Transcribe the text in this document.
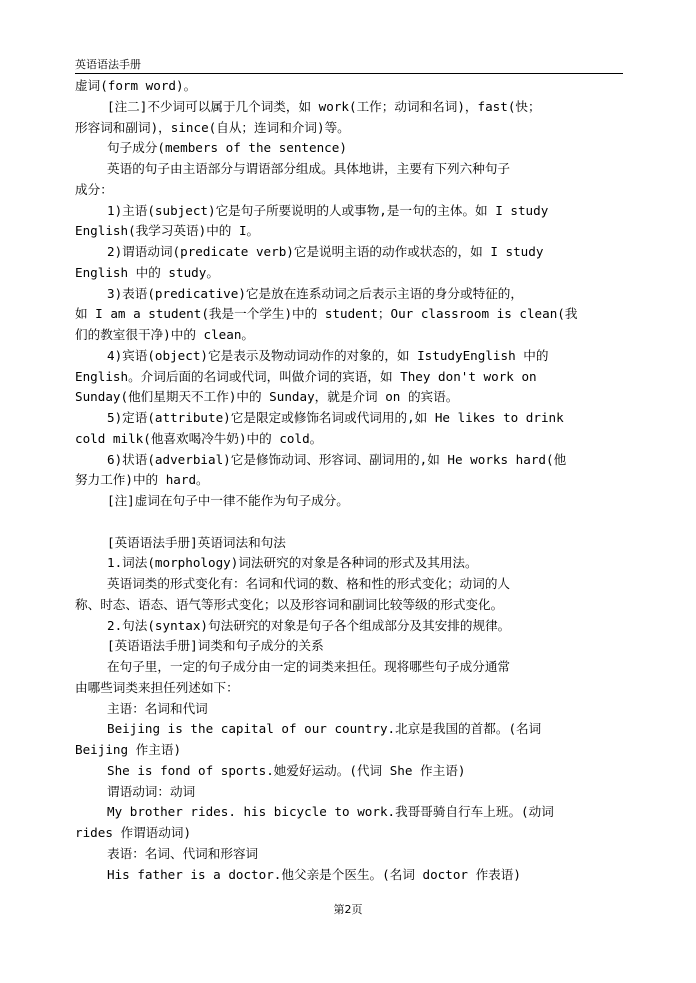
英语语法手册
虚词(form word)。
[注二]不少词可以属于几个词类，如 work(工作；动词和名词)，fast(快；
形容词和副词)，since(自从；连词和介词)等。
句子成分(members of the sentence)
英语的句子由主语部分与谓语部分组成。具体地讲，主要有下列六种句子
成分：
1)主语(subject)它是句子所要说明的人或事物,是一句的主体。如 I study
English(我学习英语)中的 I。
2)谓语动词(predicate verb)它是说明主语的动作或状态的，如 I study
English 中的 study。
3)表语(predicative)它是放在连系动词之后表示主语的身分或特征的，
如 I am a student(我是一个学生)中的 student；Our classroom is clean(我
们的教室很干净)中的 clean。
4)宾语(object)它是表示及物动词动作的对象的，如 IstudyEnglish 中的
English。介词后面的名词或代词，叫做介词的宾语，如 They don't work on
Sunday(他们星期天不工作)中的 Sunday，就是介词 on 的宾语。
5)定语(attribute)它是限定或修饰名词或代词用的,如 He likes to drink
cold milk(他喜欢喝冷牛奶)中的 cold。
6)状语(adverbial)它是修饰动词、形容词、副词用的,如 He works hard(他
努力工作)中的 hard。
[注]虚词在句子中一律不能作为句子成分。
[英语语法手册]英语词法和句法
1.词法(morphology)词法研究的对象是各种词的形式及其用法。
英语词类的形式变化有：名词和代词的数、格和性的形式变化；动词的人
称、时态、语态、语气等形式变化；以及形容词和副词比较等级的形式变化。
2.句法(syntax)句法研究的对象是句子各个组成部分及其安排的规律。
[英语语法手册]词类和句子成分的关系
在句子里，一定的句子成分由一定的词类来担任。现将哪些句子成分通常
由哪些词类来担任列述如下：
主语：名词和代词
Beijing is the capital of our country.北京是我国的首都。(名词
Beijing 作主语)
She is fond of sports.她爱好运动。(代词 She 作主语)
谓语动词：动词
My brother rides. his bicycle to work.我哥哥骑自行车上班。(动词
rides 作谓语动词)
表语：名词、代词和形容词
His father is a doctor.他父亲是个医生。(名词 doctor 作表语)
第2页
